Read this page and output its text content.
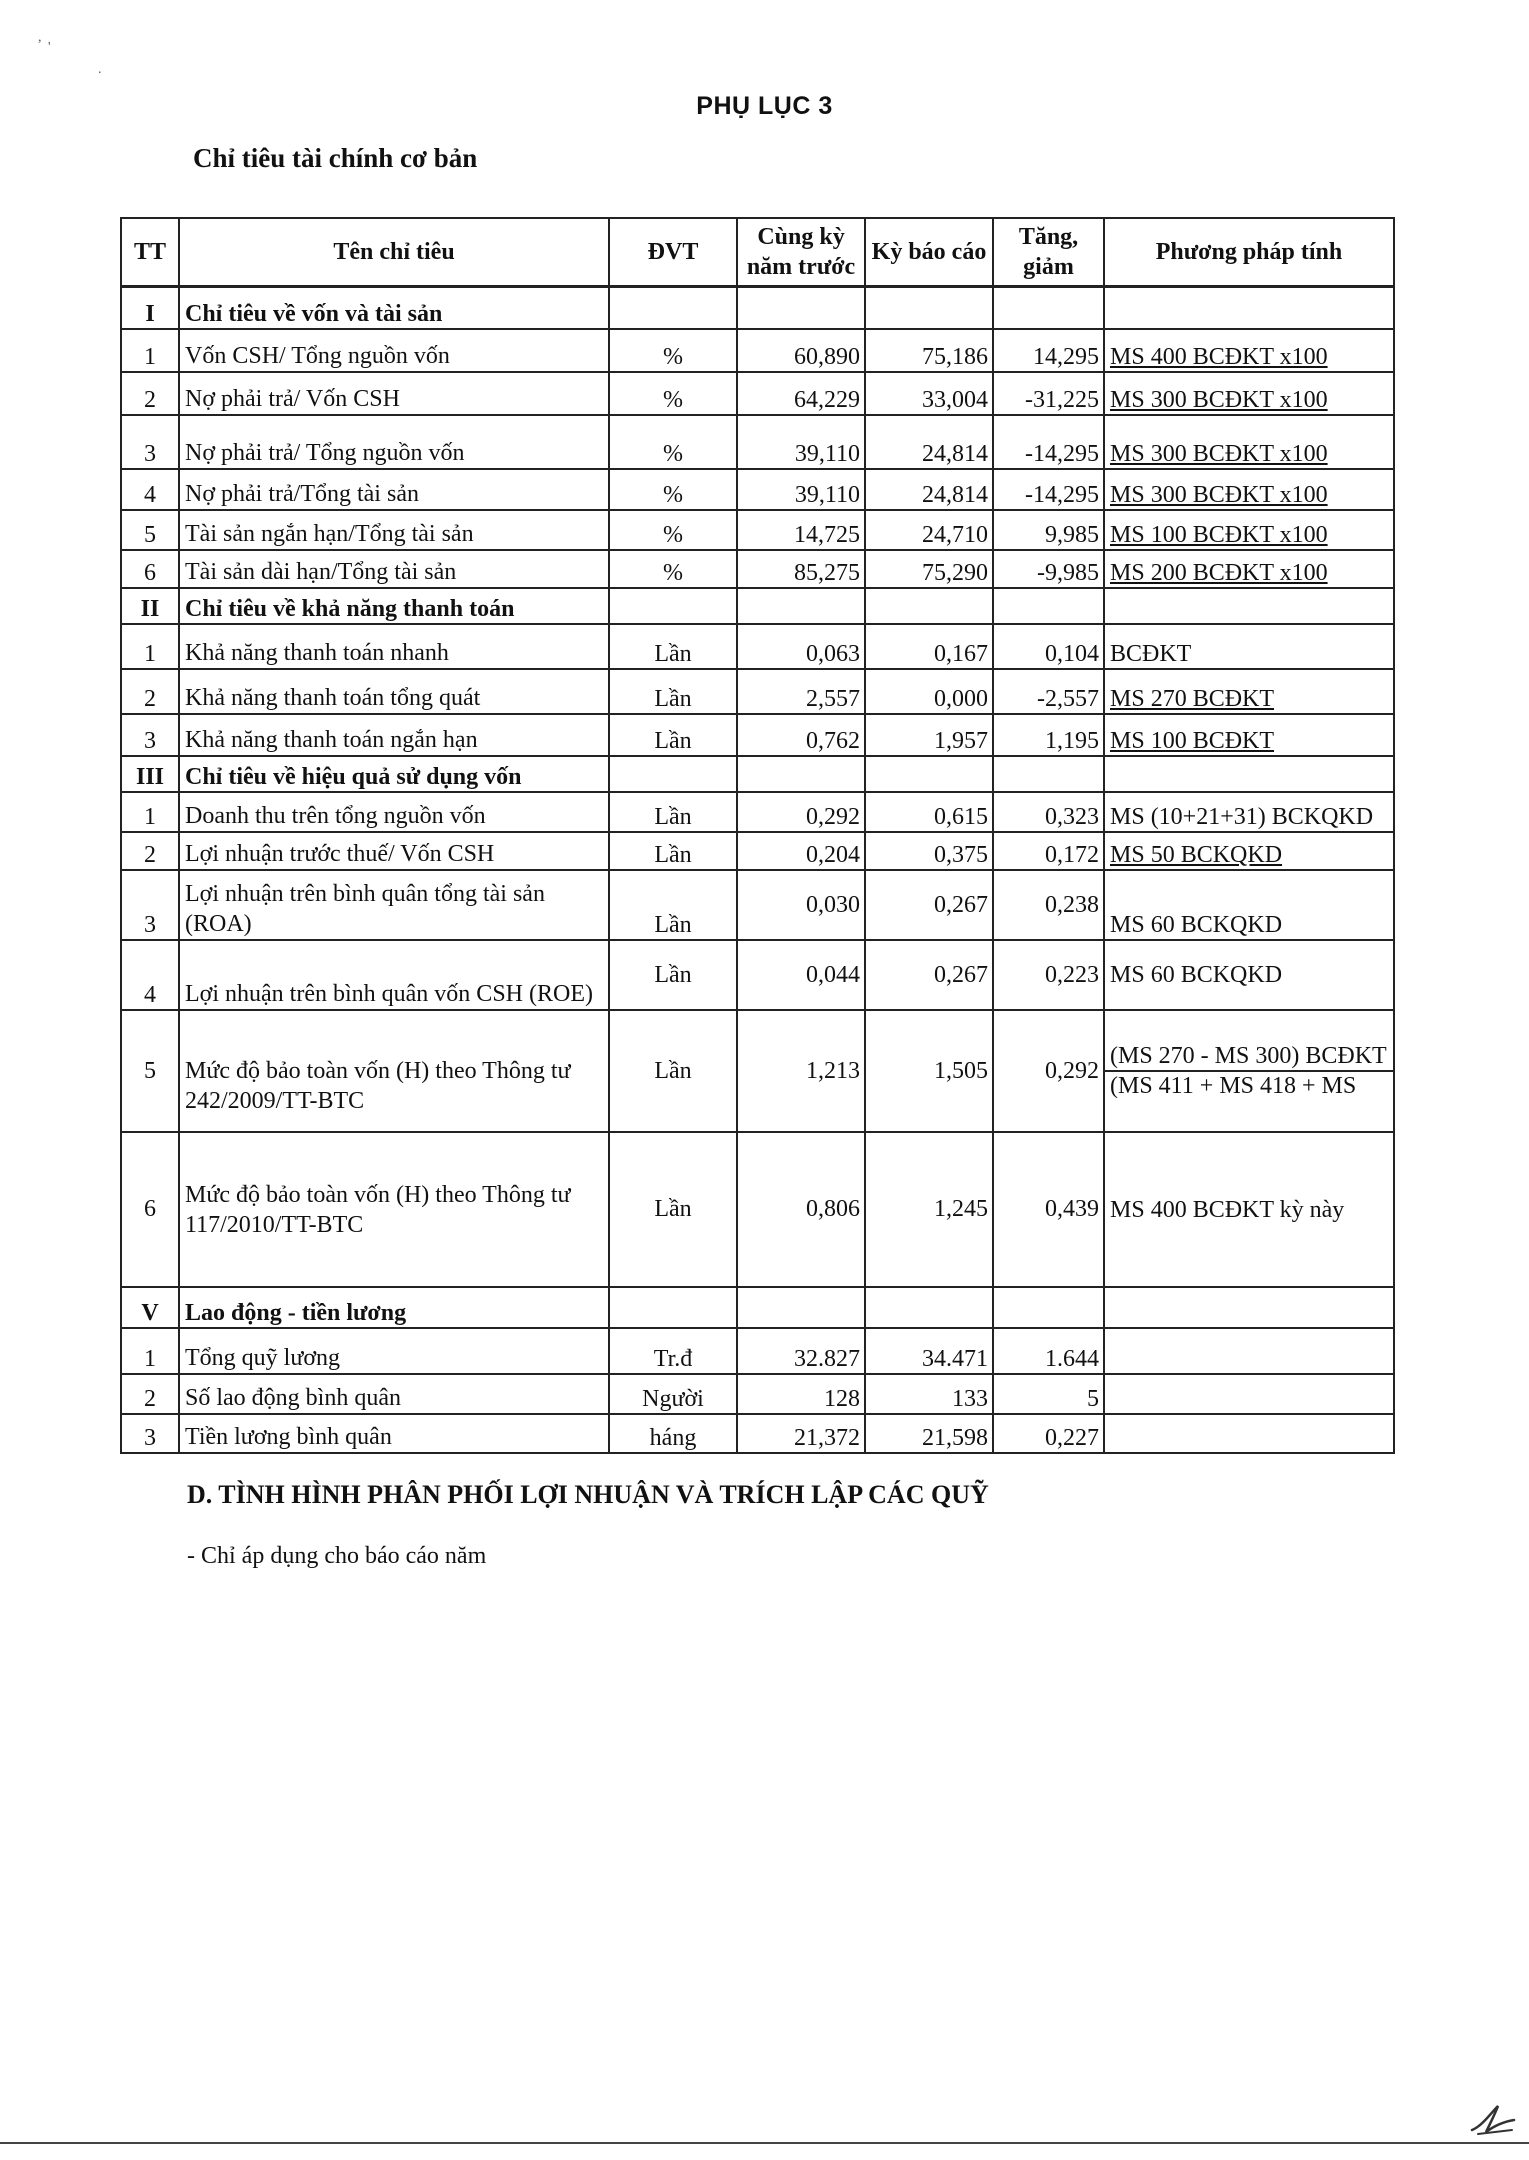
,
'
.
PHỤ LỤC 3
Chỉ tiêu tài chính cơ bản
TT	Tên chỉ tiêu	ĐVT	Cùng kỳ năm trước	Kỳ báo cáo	Tăng, giảm	Phương pháp tính
I	Chỉ tiêu về vốn và tài sản					
1	Vốn CSH/ Tổng nguồn vốn	%	60,890	75,186	14,295	MS 400 BCĐKT x100
2	Nợ phải trả/ Vốn CSH	%	64,229	33,004	-31,225	MS 300 BCĐKT x100
3	Nợ phải trả/ Tổng nguồn vốn	%	39,110	24,814	-14,295	MS 300 BCĐKT x100
4	Nợ phải trả/Tổng tài sản	%	39,110	24,814	-14,295	MS 300 BCĐKT x100
5	Tài sản ngắn hạn/Tổng tài sản	%	14,725	24,710	9,985	MS 100 BCĐKT x100
6	Tài sản dài hạn/Tổng tài sản	%	85,275	75,290	-9,985	MS 200 BCĐKT x100
II	Chỉ tiêu về khả năng thanh toán					
1	Khả năng thanh toán nhanh	Lần	0,063	0,167	0,104	BCĐKT
2	Khả năng thanh toán tổng quát	Lần	2,557	0,000	-2,557	MS 270 BCĐKT
3	Khả năng thanh toán ngắn hạn	Lần	0,762	1,957	1,195	MS 100 BCĐKT
III	Chỉ tiêu về hiệu quả sử dụng vốn					
1	Doanh thu trên tổng nguồn vốn	Lần	0,292	0,615	0,323	MS (10+21+31) BCKQKD
2	Lợi nhuận trước thuế/ Vốn CSH	Lần	0,204	0,375	0,172	MS 50 BCKQKD
3	Lợi nhuận trên bình quân tổng tài sản (ROA)	Lần	0,030	0,267	0,238	MS 60 BCKQKD
4	Lợi nhuận trên bình quân vốn CSH (ROE)	Lần	0,044	0,267	0,223	MS 60 BCKQKD
5	Mức độ bảo toàn vốn (H) theo Thông tư 242/2009/TT-BTC	Lần	1,213	1,505	0,292	(MS 270 - MS 300) BCĐKT
(MS 411 + MS 418 + MS

6	Mức độ bảo toàn vốn (H) theo Thông tư 117/2010/TT-BTC	Lần	0,806	1,245	0,439	MS 400 BCĐKT kỳ này
V	Lao động - tiền lương					
1	Tổng quỹ lương	Tr.đ	32.827	34.471	1.644	
2	Số lao động bình quân	Người	128	133	5	
3	Tiền lương bình quân	háng	21,372	21,598	0,227	
D. TÌNH HÌNH PHÂN PHỐI LỢI NHUẬN VÀ TRÍCH LẬP CÁC QUỸ
- Chỉ áp dụng cho báo cáo năm
